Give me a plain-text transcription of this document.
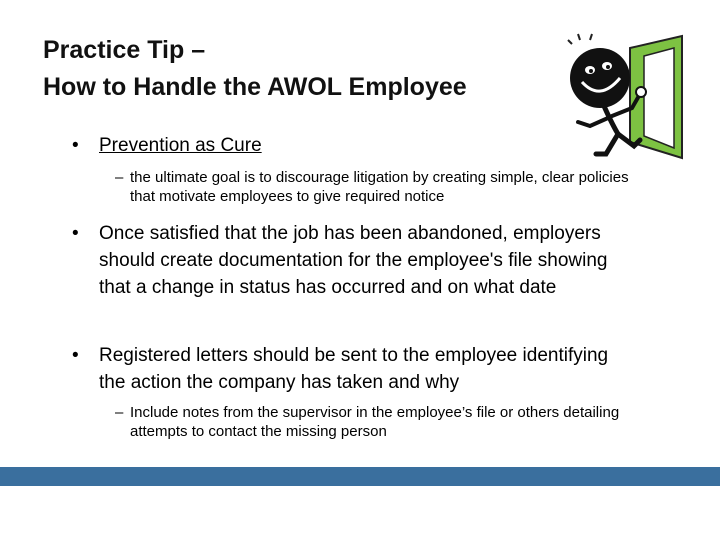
Practice Tip –
How to Handle the AWOL Employee
•	Prevention as Cure
– the ultimate goal is to discourage litigation by creating simple, clear policies that motivate employees to give required notice
•	Once satisfied that the job has been abandoned, employers should create documentation for the employee's file showing that a change in status has occurred and on what date
•	Registered letters should be sent to the employee identifying the action the company has taken and why
– Include notes from the supervisor in the employee’s file or others detailing attempts to contact the missing person
